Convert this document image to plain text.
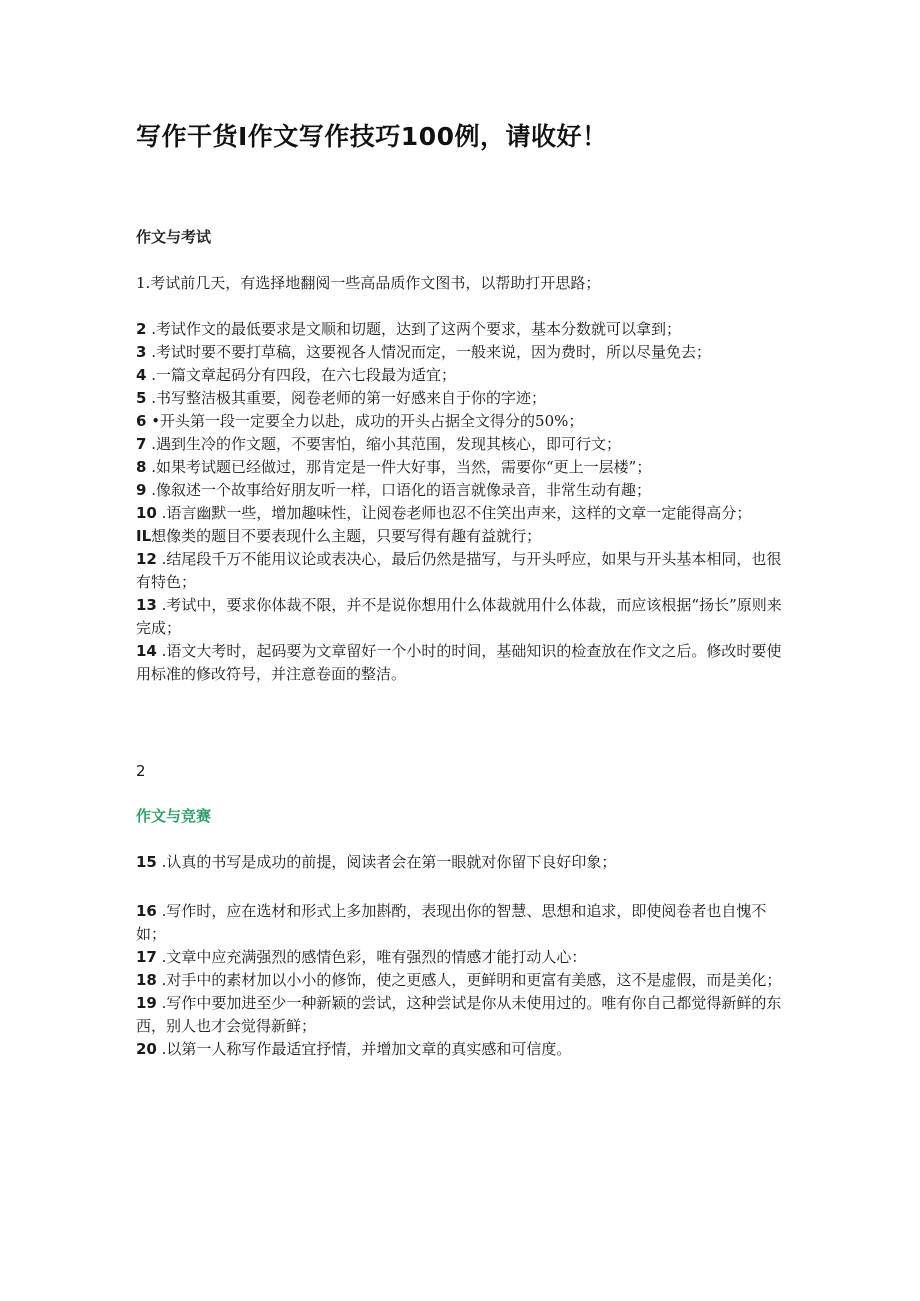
写作干货I作文写作技巧100例，请收好！
作文与考试

1.考试前几天，有选择地翻阅一些高品质作文图书，以帮助打开思路；

2 .考试作文的最低要求是文顺和切题，达到了这两个要求，基本分数就可以拿到；
3 .考试时要不要打草稿，这要视各人情况而定，一般来说，因为费时，所以尽量免去；
4 .一篇文章起码分有四段，在六七段最为适宜；
5 .书写整洁极其重要，阅卷老师的第一好感来自于你的字迹；
6 •开头第一段一定要全力以赴，成功的开头占据全文得分的50%；
7 .遇到生冷的作文题，不要害怕，缩小其范围，发现其核心，即可行文；
8 .如果考试题已经做过，那肯定是一件大好事，当然，需要你“更上一层楼”；
9 .像叙述一个故事给好朋友听一样，口语化的语言就像录音，非常生动有趣；
10 .语言幽默一些，增加趣味性，让阅卷老师也忍不住笑出声来，这样的文章一定能得高分；
IL想像类的题目不要表现什么主题，只要写得有趣有益就行；
12 .结尾段千万不能用议论或表决心，最后仍然是描写，与开头呼应，如果与开头基本相同，也很有特色；
13 .考试中，要求你体裁不限，并不是说你想用什么体裁就用什么体裁，而应该根据“扬长”原则来完成；
14 .语文大考时，起码要为文章留好一个小时的时间，基础知识的检查放在作文之后。修改时要使用标准的修改符号，并注意卷面的整洁。
2
作文与竞赛

15 .认真的书写是成功的前提，阅读者会在第一眼就对你留下良好印象；

16 .写作时，应在选材和形式上多加斟酌，表现出你的智慧、思想和追求，即使阅卷者也自愧不如；
17 .文章中应充满强烈的感情色彩，唯有强烈的情感才能打动人心：
18 .对手中的素材加以小小的修饰，使之更感人，更鲜明和更富有美感，这不是虚假，而是美化；
19 .写作中要加进至少一种新颖的尝试，这种尝试是你从未使用过的。唯有你自己都觉得新鲜的东西，别人也才会觉得新鲜；
20 .以第一人称写作最适宜抒情，并增加文章的真实感和可信度。
